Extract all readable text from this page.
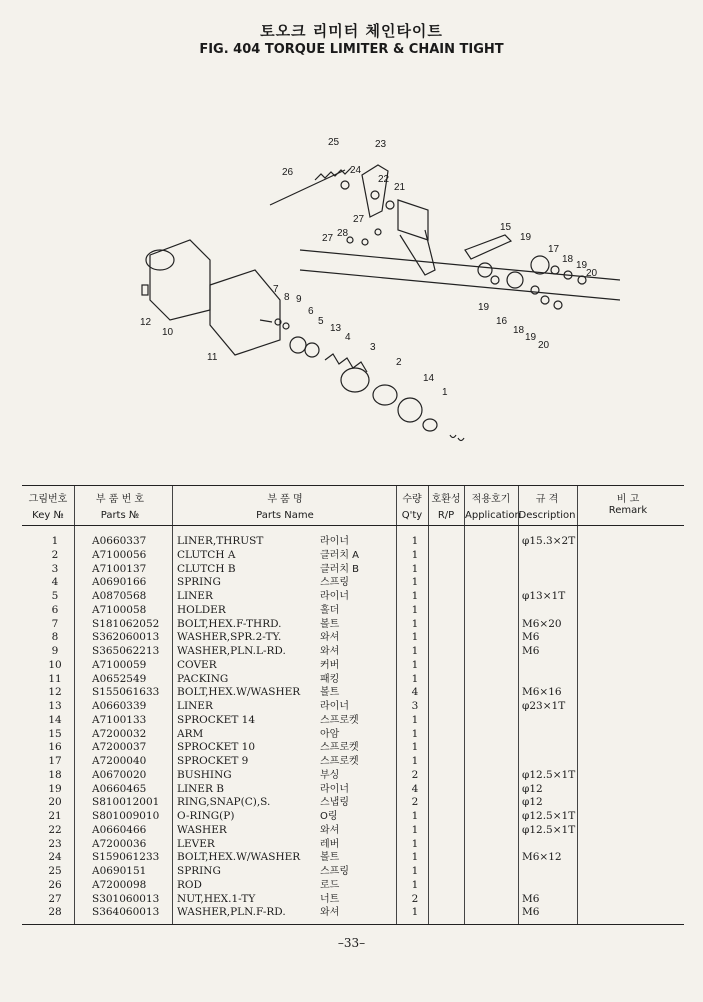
토오크 리미터 체인타이트
FIG. 404 TORQUE LIMITER & CHAIN TIGHT
25	23
26	24
22
21
27
28
27
15
19
17
18
19
20
12
10
11
7
8 9
6
5
13
4
3
2
19
16
18
19
20
14
1
그림번호
Key №
부 품 번 호
Parts №
부 품 명
Parts Name
수량
Q'ty
호환성
R/P
적용호기
Application
규 격
Description
비 고
Remark
1	A0660337	LINER,THRUST	라이너	1	φ15.3×2T
2	A7100056	CLUTCH A	클러치 A	1
3	A7100137	CLUTCH B	클러치 B	1
4	A0690166	SPRING	스프링	1
5	A0870568	LINER	라이너	1	φ13×1T
6	A7100058	HOLDER	홀더	1
7	S181062052 BOLT,HEX.F-THRD.	볼트	1	M6×20
8	S362060013 WASHER,SPR.2-TY.	와셔	1	M6
9	S365062213 WASHER,PLN.L-RD.	와셔	1	M6
10	A7100059	COVER	커버	1
11	A0652549	PACKING	패킹	1
12	S155061633 BOLT,HEX.W/WASHER 볼트	4	M6×16
13	A0660339	LINER	라이너	3	φ23×1T
14	A7100133	SPROCKET 14	스프로켓	1
15	A7200032	ARM	아암	1
16	A7200037	SPROCKET 10	스프로켓	1
17	A7200040	SPROCKET 9	스프로켓	1
18	A0670020	BUSHING	부싱	2	φ12.5×1T
19	A0660465	LINER B	라이너	4	φ12
20	S810012001 RING,SNAP(C),S.	스냅링	2	φ12
21	S801009010 O-RING(P)	O링	1	φ12.5×1T
22	A0660466	WASHER	와셔	1	φ12.5×1T
23	A7200036	LEVER	레버	1
24	S159061233 BOLT,HEX.W/WASHER 볼트	1	M6×12
25	A0690151	SPRING	스프링	1
26	A7200098	ROD	로드	1
27	S301060013 NUT,HEX.1-TY	너트	2	M6
28	S364060013 WASHER,PLN.F-RD.	와셔	1	M6
–33–
